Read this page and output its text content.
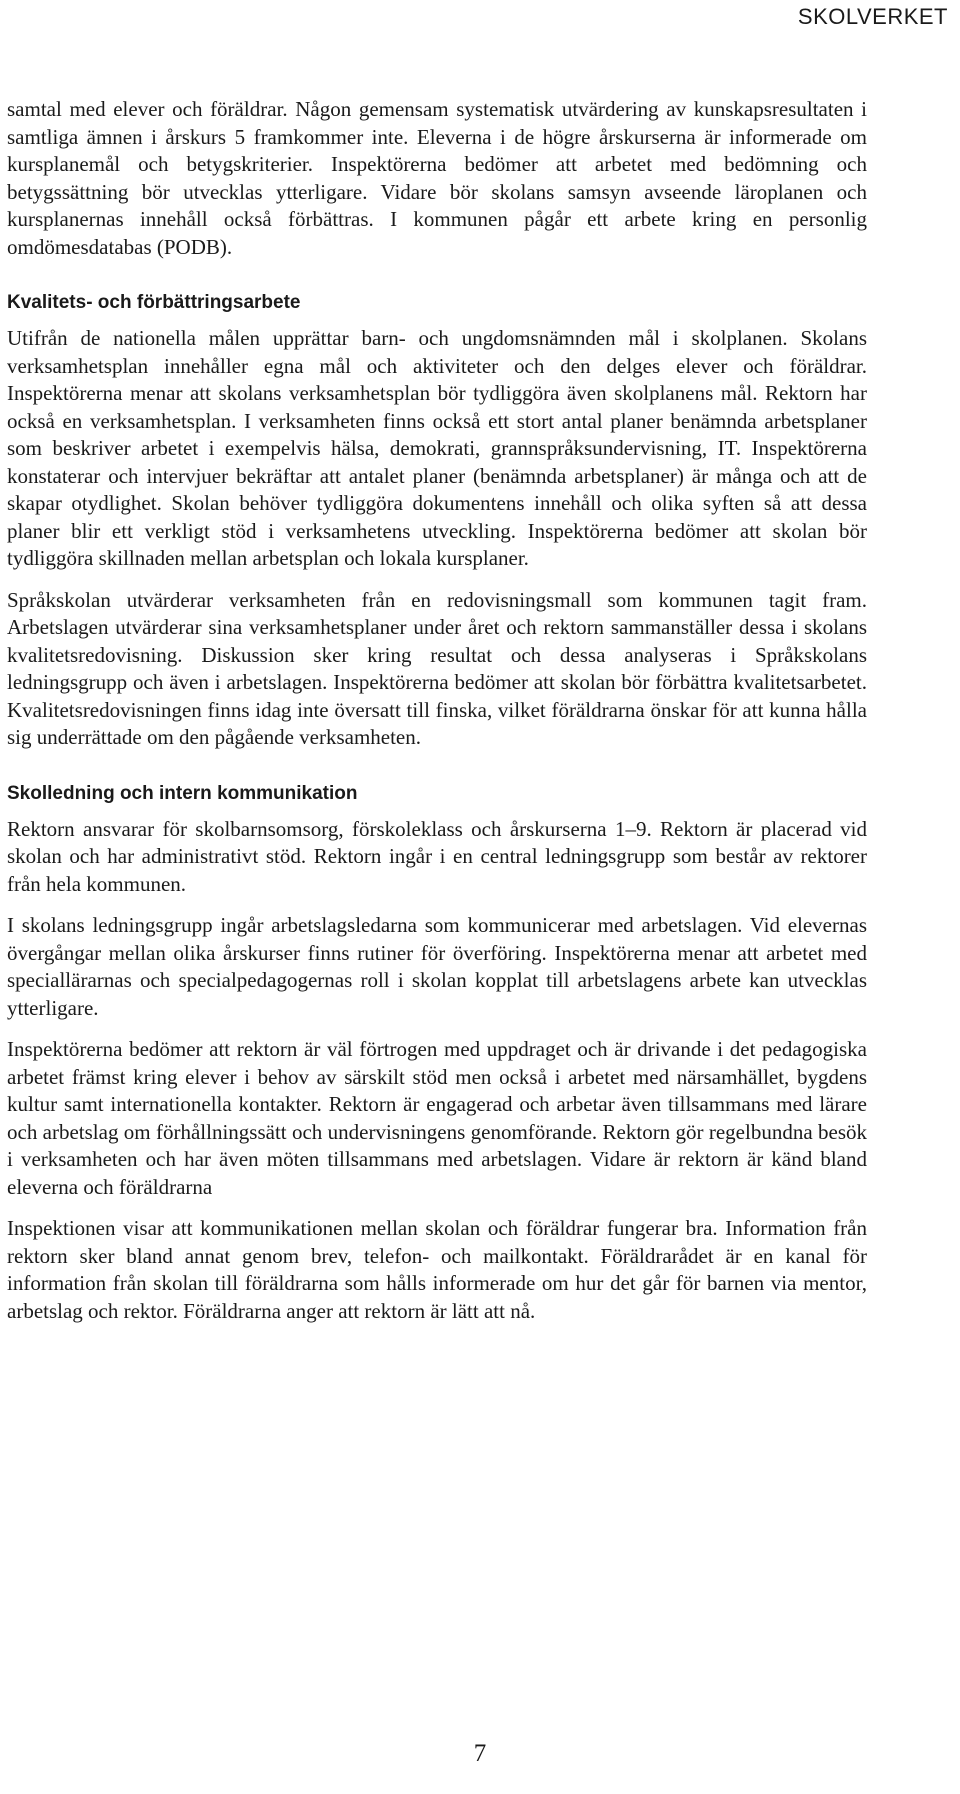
SKOLVERKET

samtal med elever och föräldrar. Någon gemensam systematisk utvärdering av kunskapsresultaten i samtliga ämnen i årskurs 5 framkommer inte. Eleverna i de högre årskurserna är informerade om kursplanemål och betygskriterier. Inspektörerna bedömer att arbetet med bedömning och betygssättning bör utvecklas ytterligare. Vidare bör skolans samsyn avseende läroplanen och kursplanernas innehåll också förbättras. I kommunen pågår ett arbete kring en personlig omdömesdatabas (PODB).

Kvalitets- och förbättringsarbete

Utifrån de nationella målen upprättar barn- och ungdomsnämnden mål i skolplanen. Skolans verksamhetsplan innehåller egna mål och aktiviteter och den delges elever och föräldrar. Inspektörerna menar att skolans verksamhetsplan bör tydliggöra även skolplanens mål. Rektorn har också en verksamhetsplan. I verksamheten finns också ett stort antal planer benämnda arbetsplaner som beskriver arbetet i exempelvis hälsa, demokrati, grannspråksundervisning, IT. Inspektörerna konstaterar och intervjuer bekräftar att antalet planer (benämnda arbetsplaner) är många och att de skapar otydlighet. Skolan behöver tydliggöra dokumentens innehåll och olika syften så att dessa planer blir ett verkligt stöd i verksamhetens utveckling. Inspektörerna bedömer att skolan bör tydliggöra skillnaden mellan arbetsplan och lokala kursplaner.

Språkskolan utvärderar verksamheten från en redovisningsmall som kommunen tagit fram. Arbetslagen utvärderar sina verksamhetsplaner under året och rektorn sammanställer dessa i skolans kvalitetsredovisning. Diskussion sker kring resultat och dessa analyseras i Språkskolans ledningsgrupp och även i arbetslagen. Inspektörerna bedömer att skolan bör förbättra kvalitetsarbetet. Kvalitetsredovisningen finns idag inte översatt till finska, vilket föräldrarna önskar för att kunna hålla sig underrättade om den pågående verksamheten.

Skolledning och intern kommunikation

Rektorn ansvarar för skolbarnsomsorg, förskoleklass och årskurserna 1–9. Rektorn är placerad vid skolan och har administrativt stöd. Rektorn ingår i en central ledningsgrupp som består av rektorer från hela kommunen.

I skolans ledningsgrupp ingår arbetslagsledarna som kommunicerar med arbetslagen. Vid elevernas övergångar mellan olika årskurser finns rutiner för överföring. Inspektörerna menar att arbetet med speciallärarnas och specialpedagogernas roll i skolan kopplat till arbetslagens arbete kan utvecklas ytterligare.

Inspektörerna bedömer att rektorn är väl förtrogen med uppdraget och är drivande i det pedagogiska arbetet främst kring elever i behov av särskilt stöd men också i arbetet med närsamhället, bygdens kultur samt internationella kontakter. Rektorn är engagerad och arbetar även tillsammans med lärare och arbetslag om förhållningssätt och undervisningens genomförande. Rektorn gör regelbundna besök i verksamheten och har även möten tillsammans med arbetslagen. Vidare är rektorn är känd bland eleverna och föräldrarna

Inspektionen visar att kommunikationen mellan skolan och föräldrar fungerar bra. Information från rektorn sker bland annat genom brev, telefon- och mailkontakt. Föräldrarådet är en kanal för information från skolan till föräldrarna som hålls informerade om hur det går för barnen via mentor, arbetslag och rektor. Föräldrarna anger att rektorn är lätt att nå.

7
